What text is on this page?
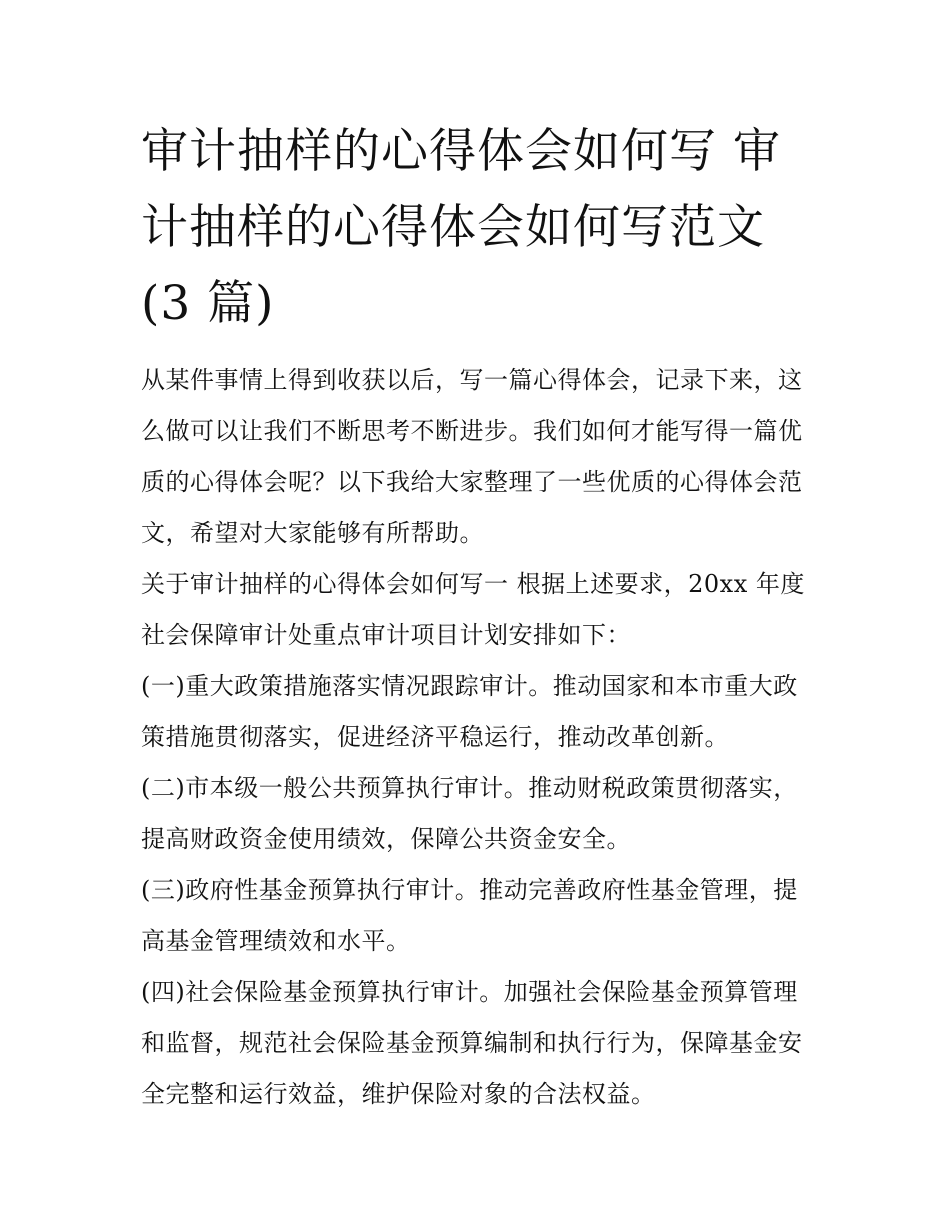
审计抽样的心得体会如何写 审
计抽样的心得体会如何写范文
(3 篇)

从某件事情上得到收获以后，写一篇心得体会，记录下来，这么做可以让我们不断思考不断进步。我们如何才能写得一篇优质的心得体会呢？以下我给大家整理了一些优质的心得体会范文，希望对大家能够有所帮助。

关于审计抽样的心得体会如何写一 根据上述要求，20xx 年度社会保障审计处重点审计项目计划安排如下：

(一)重大政策措施落实情况跟踪审计。推动国家和本市重大政策措施贯彻落实，促进经济平稳运行，推动改革创新。

(二)市本级一般公共预算执行审计。推动财税政策贯彻落实，提高财政资金使用绩效，保障公共资金安全。

(三)政府性基金预算执行审计。推动完善政府性基金管理，提高基金管理绩效和水平。

(四)社会保险基金预算执行审计。加强社会保险基金预算管理和监督，规范社会保险基金预算编制和执行行为，保障基金安全完整和运行效益，维护保险对象的合法权益。
